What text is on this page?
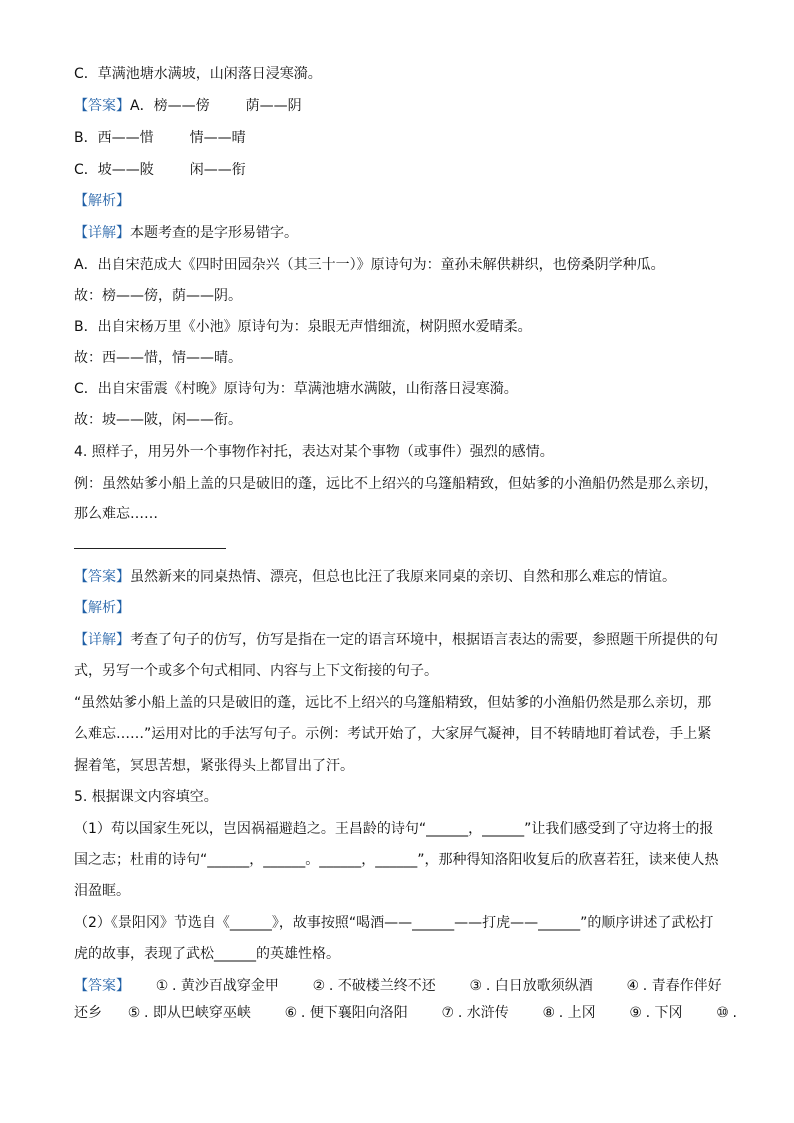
C．草满池塘水满坡，山闲落日浸寒漪。
【答案】A．榜——傍	荫——阴
B．西——惜	情——晴
C．坡——陂	闲——衔
【解析】
【详解】本题考查的是字形易错字。
A．出自宋范成大《四时田园杂兴（其三十一）》原诗句为：童孙未解供耕织，也傍桑阴学种瓜。
故：榜——傍，荫——阴。
B．出自宋杨万里《小池》原诗句为：泉眼无声惜细流，树阴照水爱晴柔。
故：西——惜，情——晴。
C．出自宋雷震《村晚》原诗句为：草满池塘水满陂，山衔落日浸寒漪。
故：坡——陂，闲——衔。
4. 照样子，用另外一个事物作衬托，表达对某个事物（或事件）强烈的感情。
例：虽然姑爹小船上盖的只是破旧的蓬，远比不上绍兴的乌篷船精致，但姑爹的小渔船仍然是那么亲切，
那么难忘……
【答案】虽然新来的同桌热情、漂亮，但总也比汪了我原来同桌的亲切、自然和那么难忘的情谊。
【解析】
【详解】考查了句子的仿写，仿写是指在一定的语言环境中，根据语言表达的需要，参照题干所提供的句
式，另写一个或多个句式相同、内容与上下文衔接的句子。
“虽然姑爹小船上盖的只是破旧的蓬，远比不上绍兴的乌篷船精致，但姑爹的小渔船仍然是那么亲切，那
么难忘……”运用对比的手法写句子。示例：考试开始了，大家屏气凝神，目不转睛地盯着试卷，手上紧
握着笔，冥思苦想，紧张得头上都冒出了汗。
5. 根据课文内容填空。
（1）苟以国家生死以，岂因祸福避趋之。王昌龄的诗句“______，______”让我们感受到了守边将士的报
国之志；杜甫的诗句“______，______。______，______”，那种得知洛阳收复后的欣喜若狂，读来使人热
泪盈眶。
（2）《景阳冈》节选自《______》，故事按照“喝酒——______——打虎——______”的顺序讲述了武松打
虎的故事，表现了武松______的英雄性格。
【答案】 ① . 黄沙百战穿金甲 ② . 不破楼兰终不还 ③ . 白日放歌须纵酒 ④ . 青春作伴好
还乡 ⑤ . 即从巴峡穿巫峡 ⑥ . 便下襄阳向洛阳 ⑦ . 水浒传 ⑧ . 上冈 ⑨ . 下冈 ⑩ .
